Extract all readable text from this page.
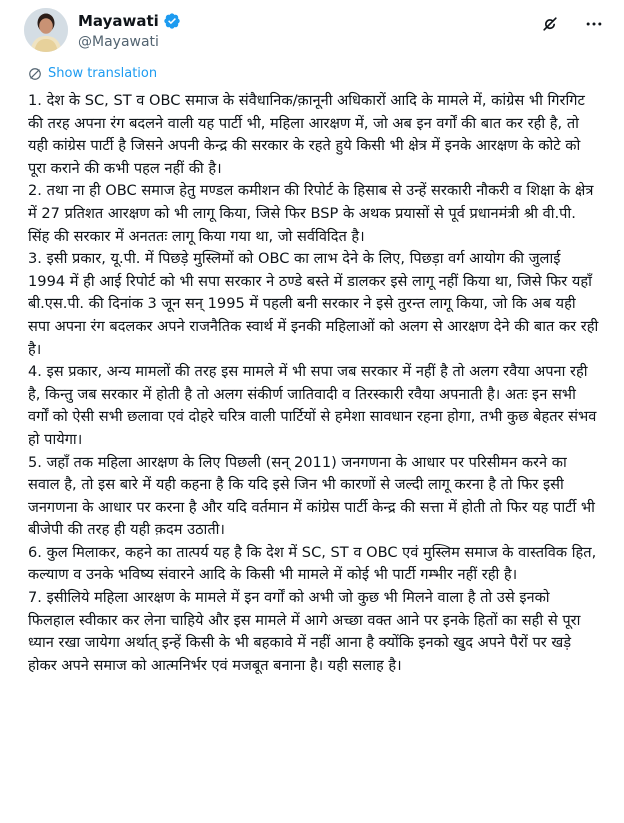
Mayawati
@Mayawati
Show translation

1. देश के SC, ST व OBC समाज के संवैधानिक/क़ानूनी अधिकारों आदि के मामले में, कांग्रेस भी गिरगिट की तरह अपना रंग बदलने वाली यह पार्टी भी, महिला आरक्षण में, जो अब इन वर्गों की बात कर रही है, तो यही कांग्रेस पार्टी है जिसने अपनी केन्द्र की सरकार के रहते हुये किसी भी क्षेत्र में इनके आरक्षण के कोटे को पूरा कराने की कभी पहल नहीं की है।

2. तथा ना ही OBC समाज हेतु मण्डल कमीशन की रिपोर्ट के हिसाब से उन्हें सरकारी नौकरी व शिक्षा के क्षेत्र में 27 प्रतिशत आरक्षण को भी लागू किया, जिसे फिर BSP के अथक प्रयासों से पूर्व प्रधानमंत्री श्री वी.पी. सिंह की सरकार में अनततः लागू किया गया था, जो सर्वविदित है।

3. इसी प्रकार, यू.पी. में पिछड़े मुस्लिमों को OBC का लाभ देने के लिए, पिछड़ा वर्ग आयोग की जुलाई 1994 में ही आई रिपोर्ट को भी सपा सरकार ने ठण्डे बस्ते में डालकर इसे लागू नहीं किया था, जिसे फिर यहाँ बी.एस.पी. की दिनांक 3 जून सन् 1995 में पहली बनी सरकार ने इसे तुरन्त लागू किया, जो कि अब यही सपा अपना रंग बदलकर अपने राजनैतिक स्वार्थ में इनकी महिलाओं को अलग से आरक्षण देने की बात कर रही है।

4. इस प्रकार, अन्य मामलों की तरह इस मामले में भी सपा जब सरकार में नहीं है तो अलग रवैया अपना रही है, किन्तु जब सरकार में होती है तो अलग संकीर्ण जातिवादी व तिरस्कारी रवैया अपनाती है। अतः इन सभी वर्गों को ऐसी सभी छलावा एवं दोहरे चरित्र वाली पार्टियों से हमेशा सावधान रहना होगा, तभी कुछ बेहतर संभव हो पायेगा।

5. जहाँ तक महिला आरक्षण के लिए पिछली (सन् 2011) जनगणना के आधार पर परिसीमन करने का सवाल है, तो इस बारे में यही कहना है कि यदि इसे जिन भी कारणों से जल्दी लागू करना है तो फिर इसी जनगणना के आधार पर करना है और यदि वर्तमान में कांग्रेस पार्टी केन्द्र की सत्ता में होती तो फिर यह पार्टी भी बीजेपी की तरह ही यही क़दम उठाती।

6. कुल मिलाकर, कहने का तात्पर्य यह है कि देश में SC, ST व OBC एवं मुस्लिम समाज के वास्तविक हित, कल्याण व उनके भविष्य संवारने आदि के किसी भी मामले में कोई भी पार्टी गम्भीर नहीं रही है।

7. इसीलिये महिला आरक्षण के मामले में इन वर्गों को अभी जो कुछ भी मिलने वाला है तो उसे इनको फिलहाल स्वीकार कर लेना चाहिये और इस मामले में आगे अच्छा वक्त आने पर इनके हितों का सही से पूरा ध्यान रखा जायेगा अर्थात् इन्हें किसी के भी बहकावे में नहीं आना है क्योंकि इनको खुद अपने पैरों पर खड़े होकर अपने समाज को आत्मनिर्भर एवं मजबूत बनाना है। यही सलाह है।
